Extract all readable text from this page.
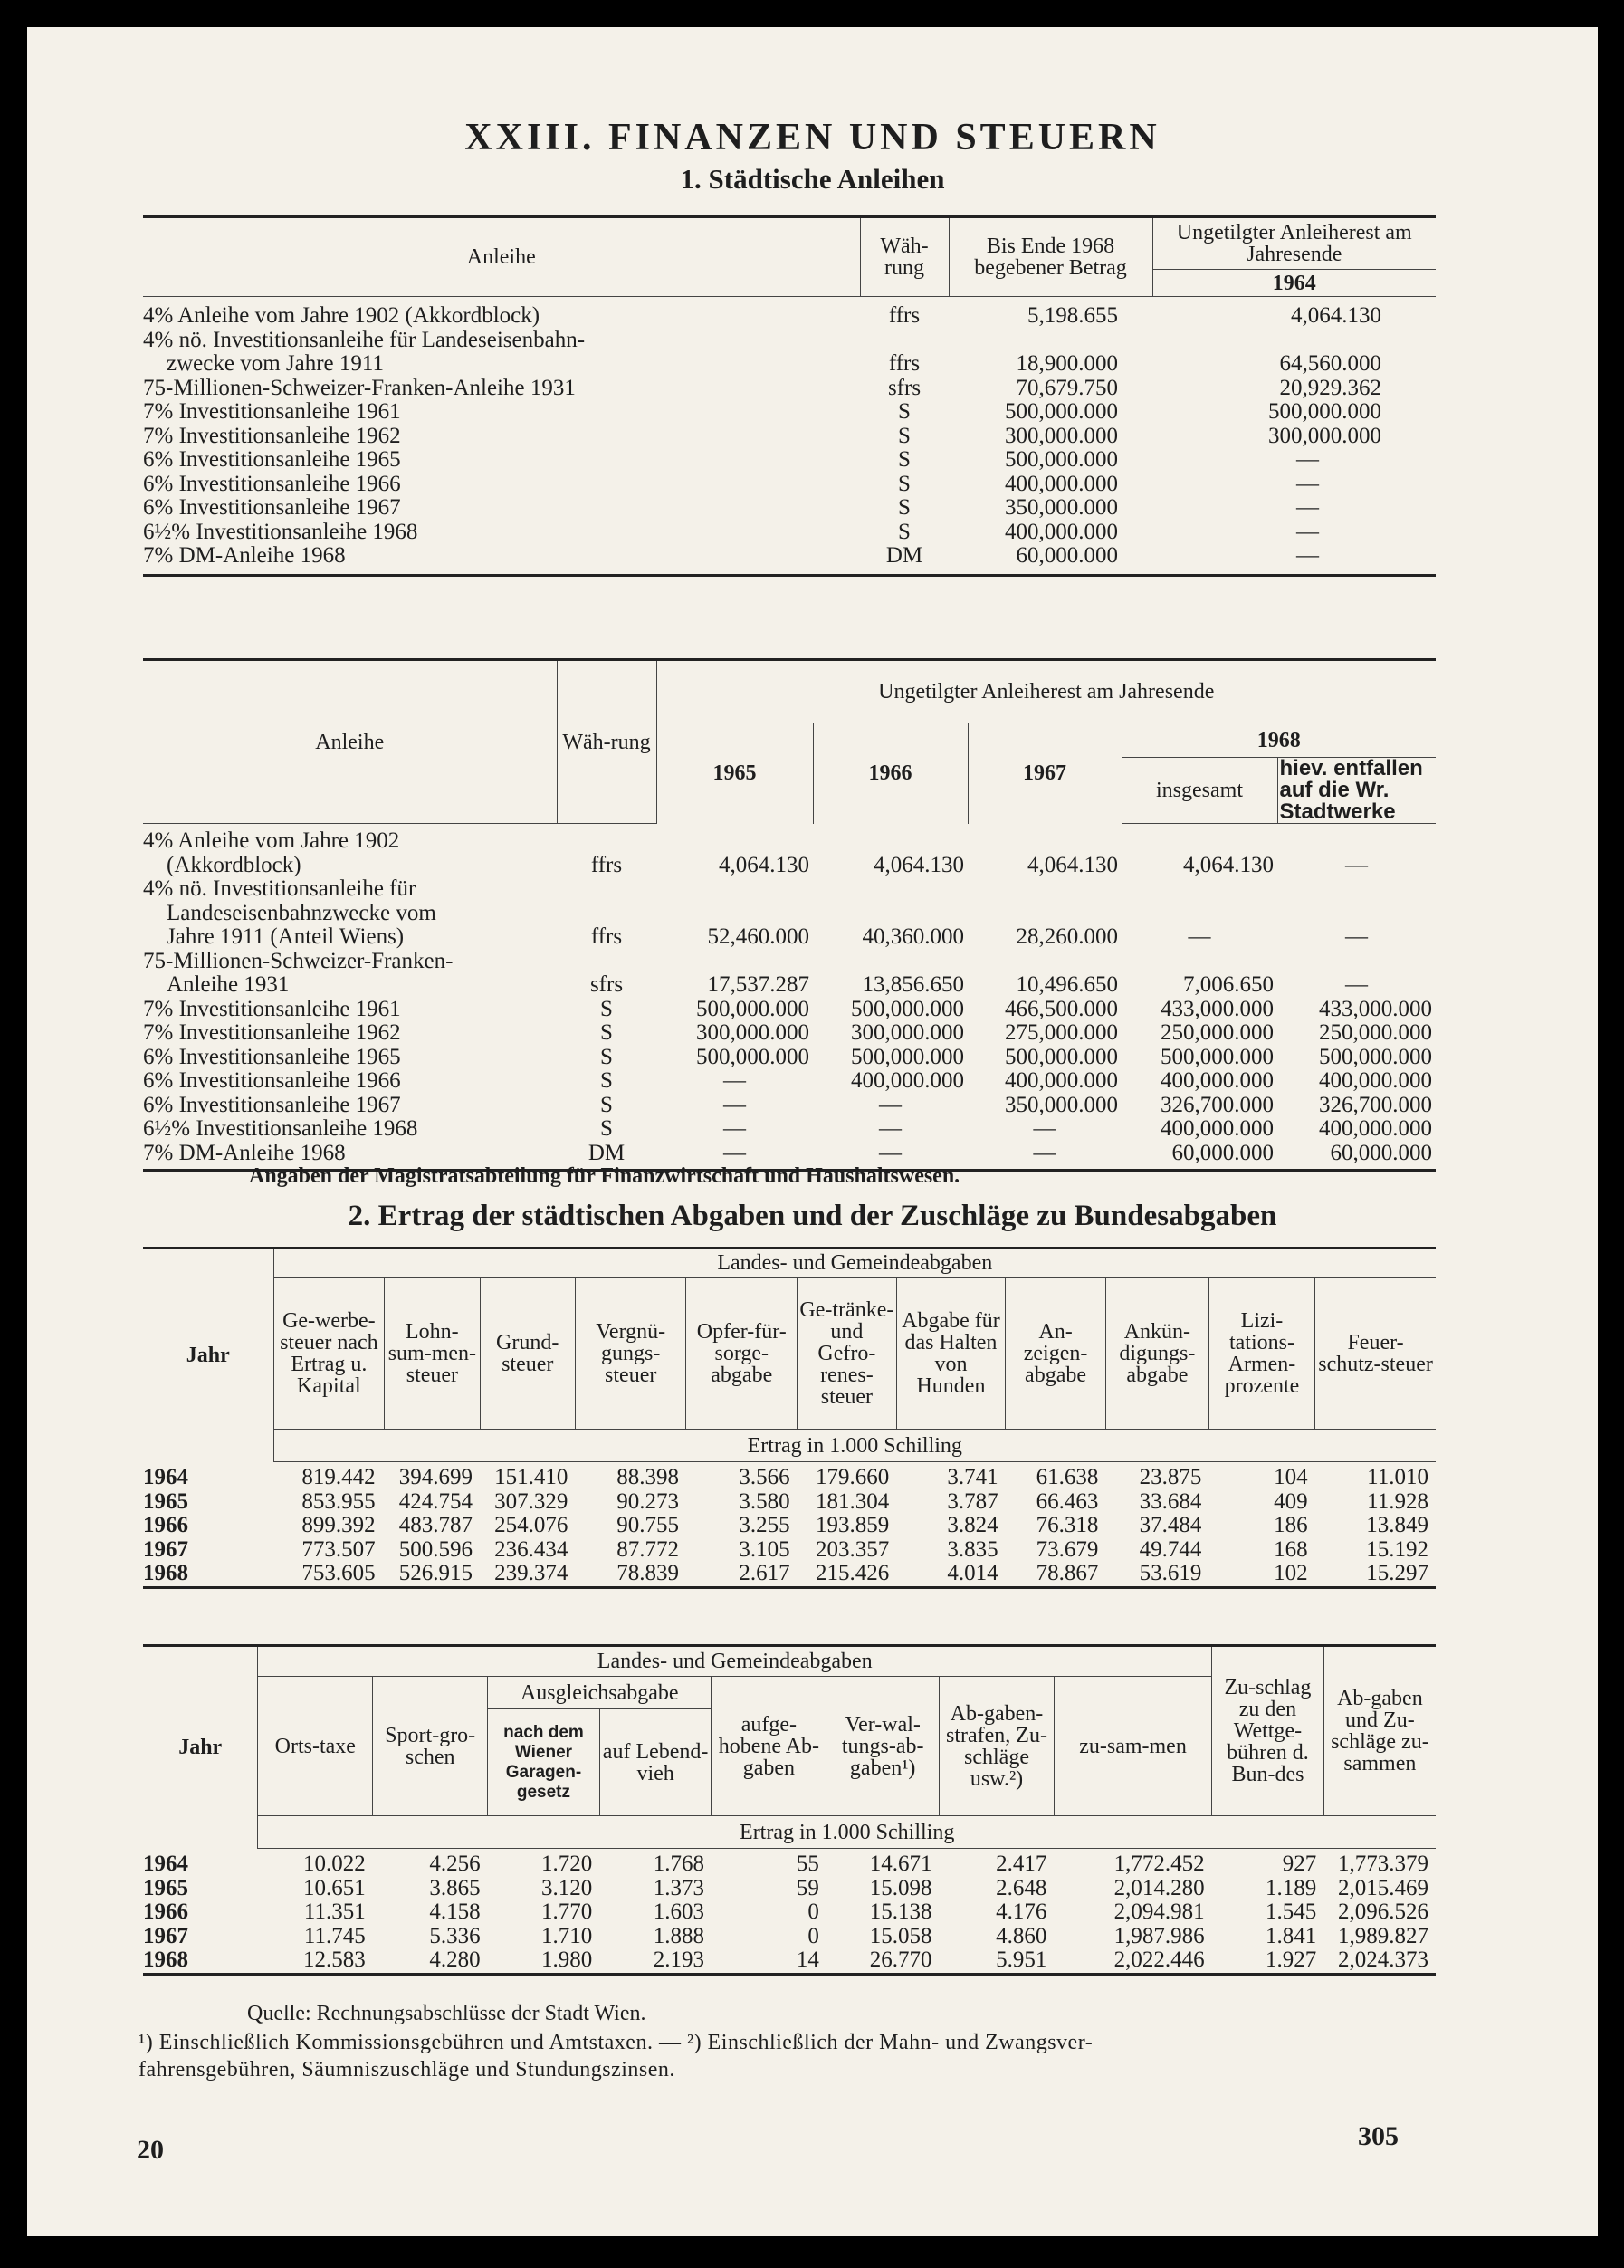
XXIII. FINANZEN UND STEUERN
1. Städtische Anleihen
Anleihe	Wäh-rung	Bis Ende 1968 begebener Betrag	Ungetilgter Anleiherest am Jahresende
			1964
4% Anleihe vom Jahre 1902 (Akkordblock)	ffrs	5,198.655	4,064.130
4% nö. Investitionsanleihe für Landeseisenbahn-			
zwecke vom Jahre 1911	ffrs	18,900.000	64,560.000
75-Millionen-Schweizer-Franken-Anleihe 1931	sfrs	70,679.750	20,929.362
7% Investitionsanleihe 1961	S	500,000.000	500,000.000
7% Investitionsanleihe 1962	S	300,000.000	300,000.000
6% Investitionsanleihe 1965	S	500,000.000	—
6% Investitionsanleihe 1966	S	400,000.000	—
6% Investitionsanleihe 1967	S	350,000.000	—
6½% Investitionsanleihe 1968	S	400,000.000	—
7% DM-Anleihe 1968	DM	60,000.000	—
Anleihe	Wäh-rung	Ungetilgter Anleiherest am Jahresende				
		1965	1966	1967	1968	
					insgesamt	hiev. entfallen auf die Wr. Stadtwerke
4% Anleihe vom Jahre 1902						
(Akkordblock)	ffrs	4,064.130	4,064.130	4,064.130	4,064.130	—
4% nö. Investitionsanleihe für						
Landeseisenbahnzwecke vom						
Jahre 1911 (Anteil Wiens)	ffrs	52,460.000	40,360.000	28,260.000	—	—
75-Millionen-Schweizer-Franken-						
Anleihe 1931	sfrs	17,537.287	13,856.650	10,496.650	7,006.650	—
7% Investitionsanleihe 1961	S	500,000.000	500,000.000	466,500.000	433,000.000	433,000.000
7% Investitionsanleihe 1962	S	300,000.000	300,000.000	275,000.000	250,000.000	250,000.000
6% Investitionsanleihe 1965	S	500,000.000	500,000.000	500,000.000	500,000.000	500,000.000
6% Investitionsanleihe 1966	S	—	400,000.000	400,000.000	400,000.000	400,000.000
6% Investitionsanleihe 1967	S	—	—	350,000.000	326,700.000	326,700.000
6½% Investitionsanleihe 1968	S	—	—	—	400,000.000	400,000.000
7% DM-Anleihe 1968	DM	—	—	—	60,000.000	60,000.000
Angaben der Magistratsabteilung für Finanzwirtschaft und Haushaltswesen.
2. Ertrag der städtischen Abgaben und der Zuschläge zu Bundesabgaben
Jahr	Landes- und Gemeindeabgaben										
	Ge-werbe-steuer nach Ertrag u. Kapital	Lohn-sum-men-steuer	Grund-steuer	Vergnü-gungs-steuer	Opfer-für-sorge-abgabe	Ge-tränke-und Gefro-renes-steuer	Abgabe für das Halten von Hunden	An-zeigen-abgabe	Ankün-digungs-abgabe	Lizi-tations-Armen-prozente	Feuer-schutz-steuer
	Ertrag in 1.000 Schilling										
1964	819.442	394.699	151.410	88.398	3.566	179.660	3.741	61.638	23.875	104	11.010
1965	853.955	424.754	307.329	90.273	3.580	181.304	3.787	66.463	33.684	409	11.928
1966	899.392	483.787	254.076	90.755	3.255	193.859	3.824	76.318	37.484	186	13.849
1967	773.507	500.596	236.434	87.772	3.105	203.357	3.835	73.679	49.744	168	15.192
1968	753.605	526.915	239.374	78.839	2.617	215.426	4.014	78.867	53.619	102	15.297
Jahr	Landes- und Gemeindeabgaben								Zu-schlag zu den Wettge-bühren d. Bun-des	Ab-gaben und Zu-schläge zu-sammen
	Orts-taxe	Sport-gro-schen	Ausgleichsabgabe		aufge-hobene Ab-gaben	Ver-wal-tungs-ab-gaben¹)	Ab-gaben-strafen, Zu-schläge usw.²)	zu-sam-men		
			nach dem Wiener Garagen-gesetz	auf Lebend-vieh						
	Ertrag in 1.000 Schilling									
1964	10.022	4.256	1.720	1.768	55	14.671	2.417	1,772.452	927	1,773.379
1965	10.651	3.865	3.120	1.373	59	15.098	2.648	2,014.280	1.189	2,015.469
1966	11.351	4.158	1.770	1.603	0	15.138	4.176	2,094.981	1.545	2,096.526
1967	11.745	5.336	1.710	1.888	0	15.058	4.860	1,987.986	1.841	1,989.827
1968	12.583	4.280	1.980	2.193	14	26.770	5.951	2,022.446	1.927	2,024.373
Quelle: Rechnungsabschlüsse der Stadt Wien.
¹) Einschließlich Kommissionsgebühren und Amtstaxen. — ²) Einschließlich der Mahn- und Zwangsver-
fahrensgebühren, Säumniszuschläge und Stundungszinsen.
20	305
